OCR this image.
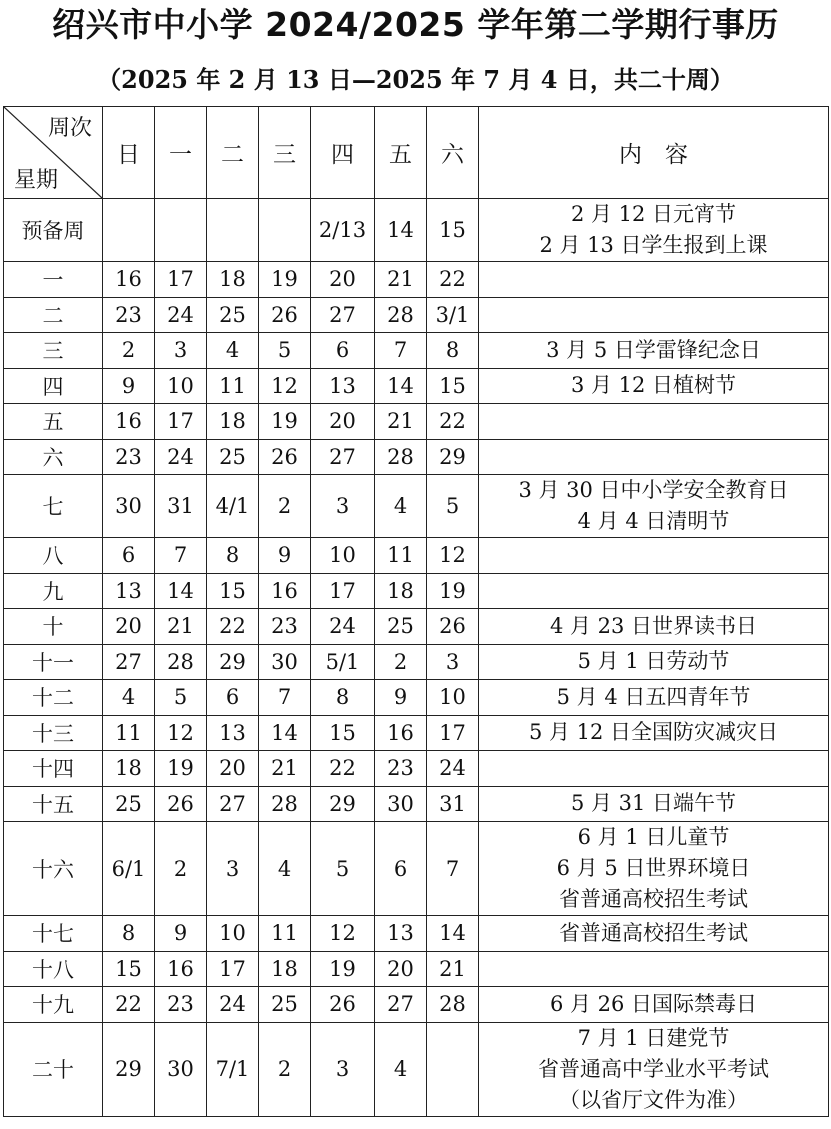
绍兴市中小学 2024/2025 学年第二学期行事历
（2025 年 2 月 13 日—2025 年 7 月 4 日，共二十周）
周次
星期	日	一	二	三	四	五	六	内　容
预备周					2/13	14	15	2 月 12 日元宵节
2 月 13 日学生报到上课

一	16	17	18	19	20	21	22	
二	23	24	25	26	27	28	3/1	
三	2	3	4	5	6	7	8	3 月 5 日学雷锋纪念日

四	9	10	11	12	13	14	15	3 月 12 日植树节

五	16	17	18	19	20	21	22	
六	23	24	25	26	27	28	29	
七	30	31	4/1	2	3	4	5	3 月 30 日中小学安全教育日
4 月 4 日清明节

八	6	7	8	9	10	11	12	
九	13	14	15	16	17	18	19	
十	20	21	22	23	24	25	26	4 月 23 日世界读书日

十一	27	28	29	30	5/1	2	3	5 月 1 日劳动节

十二	4	5	6	7	8	9	10	5 月 4 日五四青年节

十三	11	12	13	14	15	16	17	5 月 12 日全国防灾减灾日

十四	18	19	20	21	22	23	24	
十五	25	26	27	28	29	30	31	5 月 31 日端午节

十六	6/1	2	3	4	5	6	7	6 月 1 日儿童节
6 月 5 日世界环境日
省普通高校招生考试

十七	8	9	10	11	12	13	14	省普通高校招生考试

十八	15	16	17	18	19	20	21	
十九	22	23	24	25	26	27	28	6 月 26 日国际禁毒日

二十	29	30	7/1	2	3	4		7 月 1 日建党节
省普通高中学业水平考试
（以省厅文件为准）
